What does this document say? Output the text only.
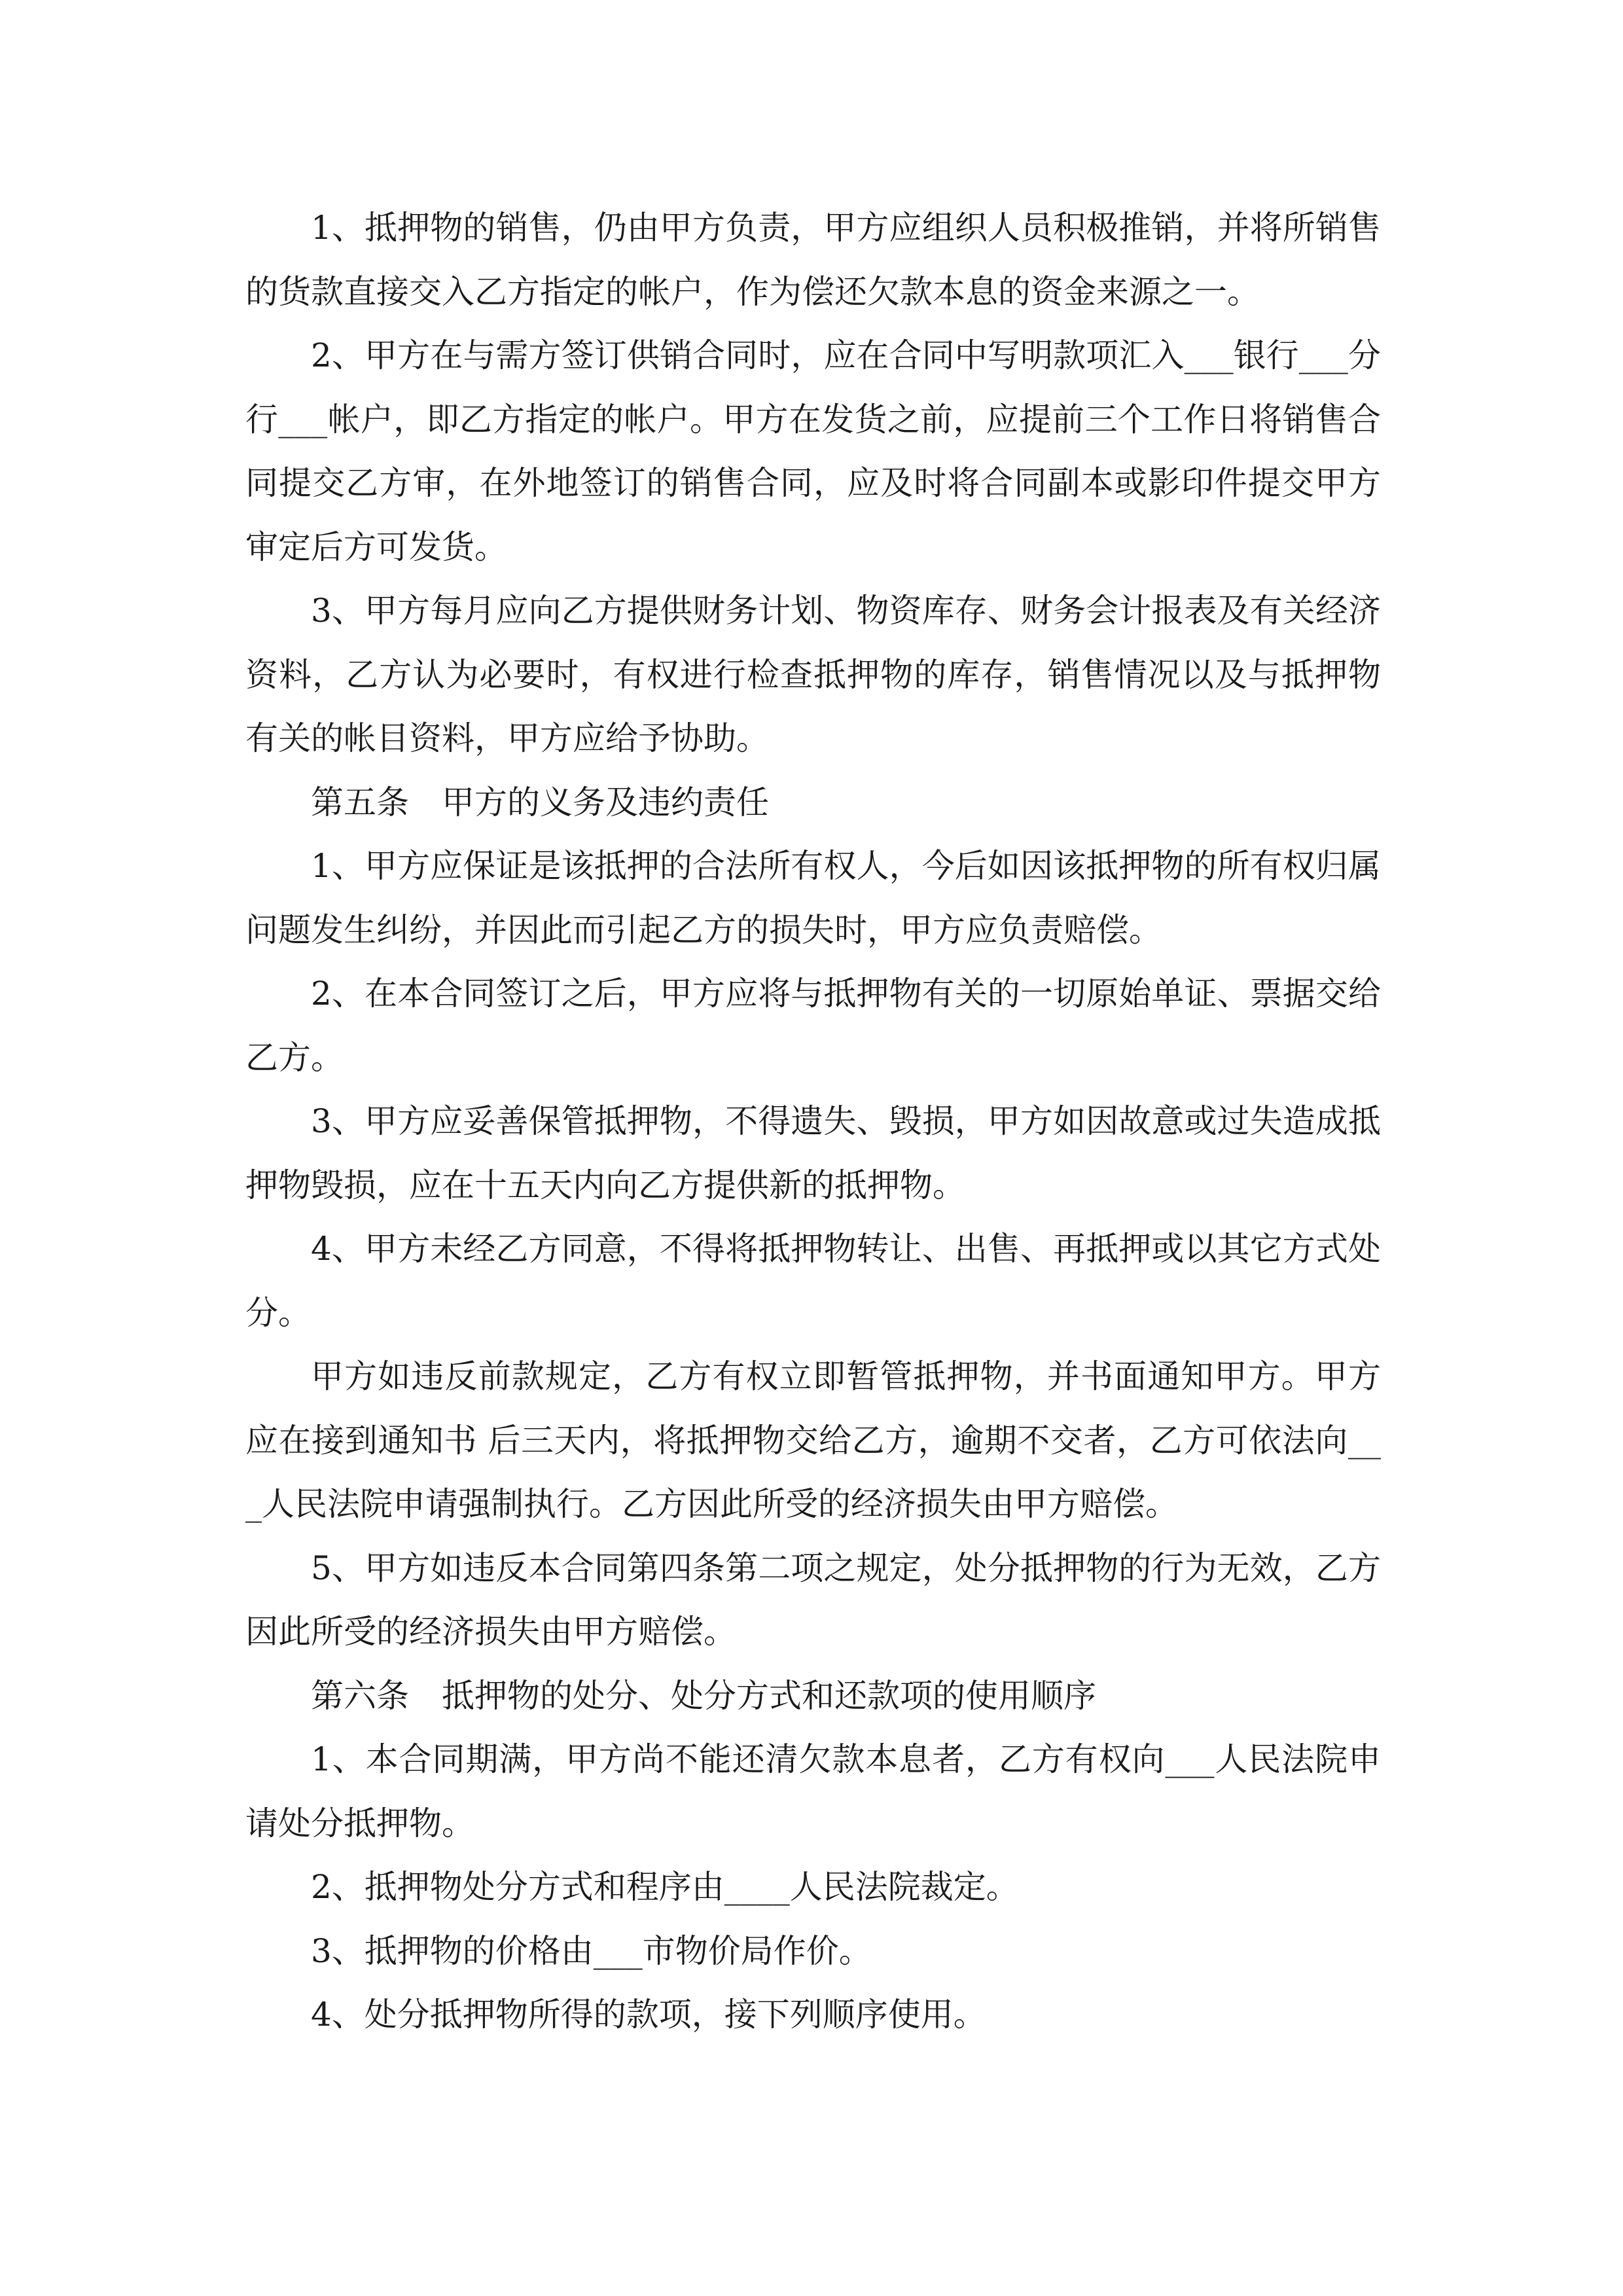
1、抵押物的销售，仍由甲方负责，甲方应组织人员积极推销，并将所销售的货款直接交入乙方指定的帐户，作为偿还欠款本息的资金来源之一。

2、甲方在与需方签订供销合同时，应在合同中写明款项汇入___银行___分行___帐户，即乙方指定的帐户。甲方在发货之前，应提前三个工作日将销售合同提交乙方审，在外地签订的销售合同，应及时将合同副本或影印件提交甲方审定后方可发货。

3、甲方每月应向乙方提供财务计划、物资库存、财务会计报表及有关经济资料，乙方认为必要时，有权进行检查抵押物的库存，销售情况以及与抵押物有关的帐目资料，甲方应给予协助。

第五条　甲方的义务及违约责任

1、甲方应保证是该抵押的合法所有权人，今后如因该抵押物的所有权归属问题发生纠纷，并因此而引起乙方的损失时，甲方应负责赔偿。

2、在本合同签订之后，甲方应将与抵押物有关的一切原始单证、票据交给乙方。

3、甲方应妥善保管抵押物，不得遗失、毁损，甲方如因故意或过失造成抵押物毁损，应在十五天内向乙方提供新的抵押物。

4、甲方未经乙方同意，不得将抵押物转让、出售、再抵押或以其它方式处分。

甲方如违反前款规定，乙方有权立即暂管抵押物，并书面通知甲方。甲方应在接到通知书 后三天内，将抵押物交给乙方，逾期不交者，乙方可依法向___人民法院申请强制执行。乙方因此所受的经济损失由甲方赔偿。

5、甲方如违反本合同第四条第二项之规定，处分抵押物的行为无效，乙方因此所受的经济损失由甲方赔偿。

第六条　抵押物的处分、处分方式和还款项的使用顺序

1、本合同期满，甲方尚不能还清欠款本息者，乙方有权向___人民法院申请处分抵押物。

2、抵押物处分方式和程序由____人民法院裁定。

3、抵押物的价格由___市物价局作价。

4、处分抵押物所得的款项，接下列顺序使用。
